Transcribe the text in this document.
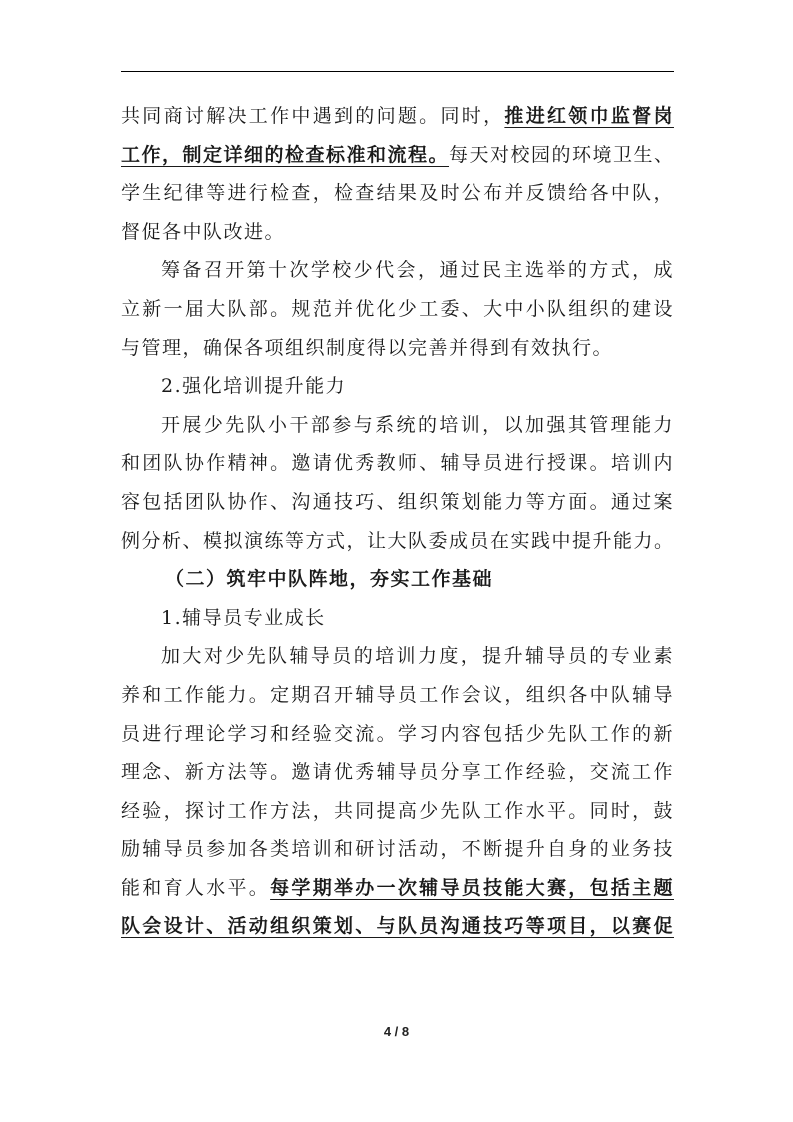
共同商讨解决工作中遇到的问题。同时，推进红领巾监督岗
工作，制定详细的检查标准和流程。每天对校园的环境卫生、
学生纪律等进行检查，检查结果及时公布并反馈给各中队，
督促各中队改进。
筹备召开第十次学校少代会，通过民主选举的方式，成
立新一届大队部。规范并优化少工委、大中小队组织的建设
与管理，确保各项组织制度得以完善并得到有效执行。
2.强化培训提升能力
开展少先队小干部参与系统的培训，以加强其管理能力
和团队协作精神。邀请优秀教师、辅导员进行授课。培训内
容包括团队协作、沟通技巧、组织策划能力等方面。通过案
例分析、模拟演练等方式，让大队委成员在实践中提升能力。
（二）筑牢中队阵地，夯实工作基础
1.辅导员专业成长
加大对少先队辅导员的培训力度，提升辅导员的专业素
养和工作能力。定期召开辅导员工作会议，组织各中队辅导
员进行理论学习和经验交流。学习内容包括少先队工作的新
理念、新方法等。邀请优秀辅导员分享工作经验，交流工作
经验，探讨工作方法，共同提高少先队工作水平。同时，鼓
励辅导员参加各类培训和研讨活动，不断提升自身的业务技
能和育人水平。每学期举办一次辅导员技能大赛，包括主题
队会设计、活动组织策划、与队员沟通技巧等项目，以赛促
4 / 8
